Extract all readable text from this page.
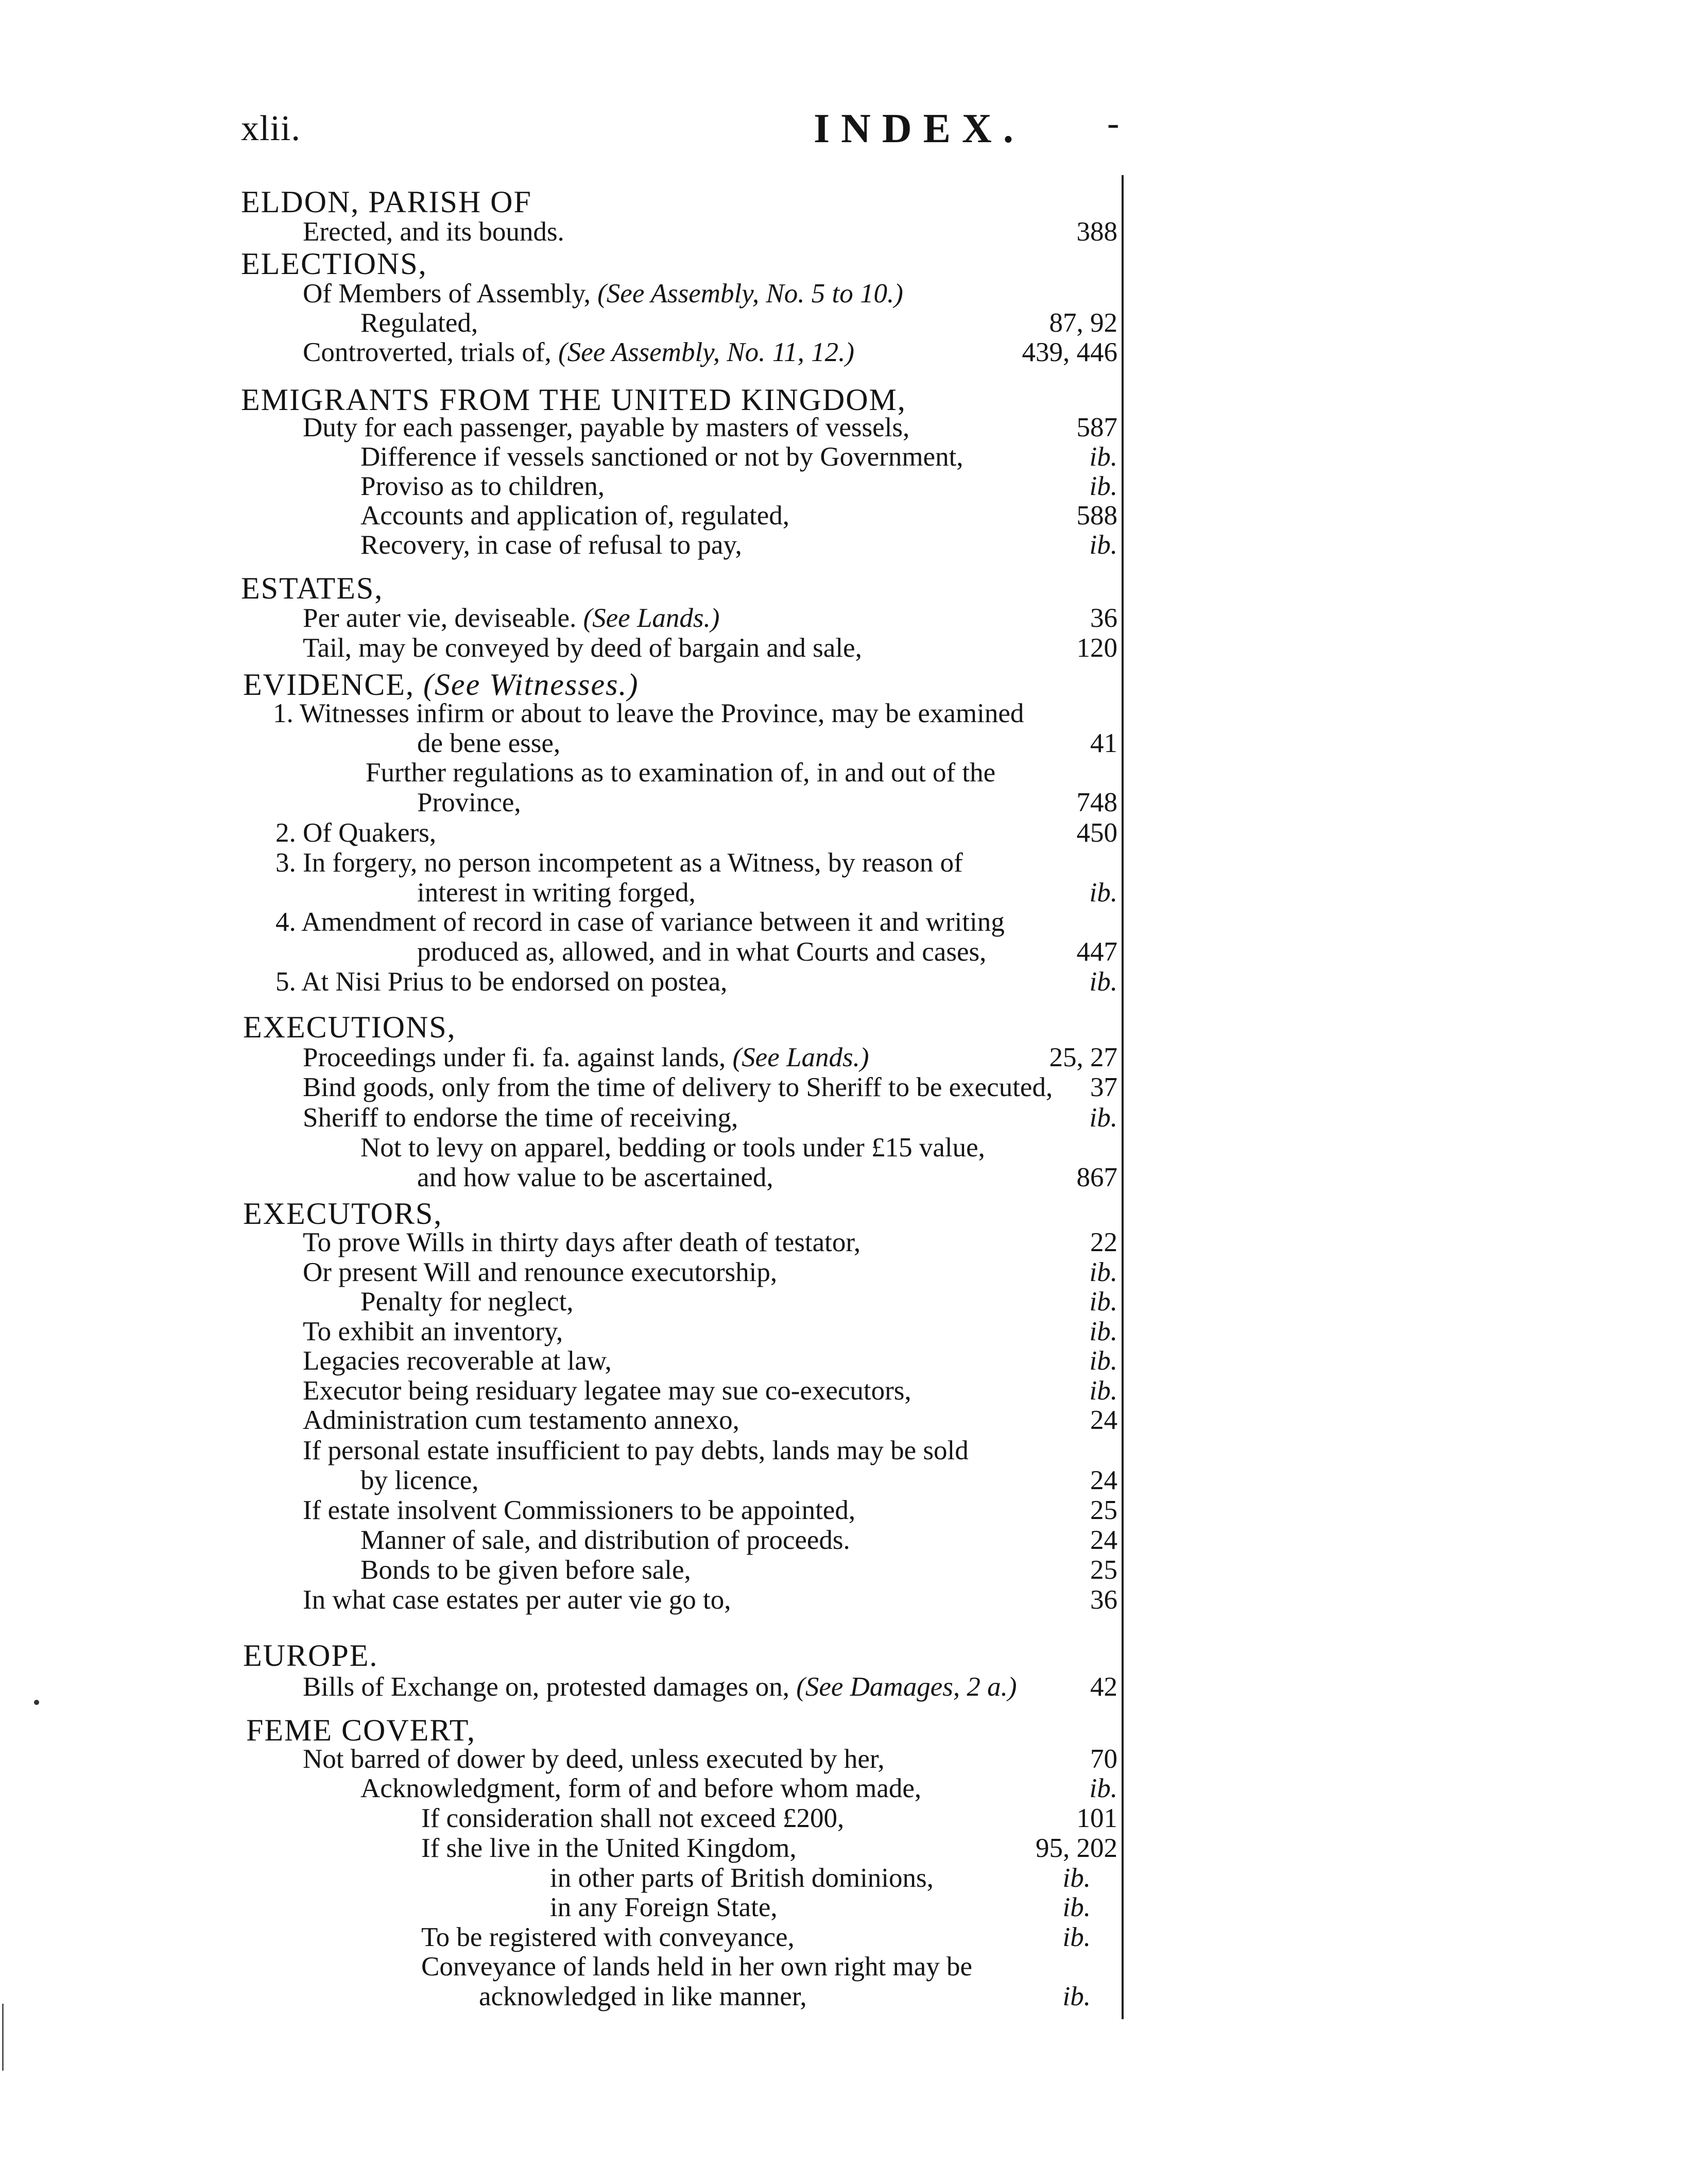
xlii.	INDEX. -
ELDON, PARISH OF
Erected, and its bounds.	388
ELECTIONS,
Of Members of Assembly, (See Assembly, No. 5 to 10.)
Regulated,	87, 92
Controverted, trials of, (See Assembly, No. 11, 12.)	439, 446
EMIGRANTS FROM THE UNITED KINGDOM,
Duty for each passenger, payable by masters of vessels,	587
Difference if vessels sanctioned or not by Government,	ib.
Proviso as to children,	ib.
Accounts and application of, regulated,	588
Recovery, in case of refusal to pay,	ib.
ESTATES,
Per auter vie, deviseable. (See Lands.)	36
Tail, may be conveyed by deed of bargain and sale,	120
EVIDENCE, (See Witnesses.)
1. Witnesses infirm or about to leave the Province, may be examined
de bene esse,	41
Further regulations as to examination of, in and out of the
Province,	748
2. Of Quakers,	450
3. In forgery, no person incompetent as a Witness, by reason of
interest in writing forged,	ib.
4. Amendment of record in case of variance between it and writing
produced as, allowed, and in what Courts and cases,	447
5. At Nisi Prius to be endorsed on postea,	ib.
EXECUTIONS,
Proceedings under fi. fa. against lands, (See Lands.)	25, 27
Bind goods, only from the time of delivery to Sheriff to be executed, 37
Sheriff to endorse the time of receiving,	ib.
Not to levy on apparel, bedding or tools under £15 value,
and how value to be ascertained,	867
EXECUTORS,
To prove Wills in thirty days after death of testator,	22
Or present Will and renounce executorship,	ib.
Penalty for neglect,	ib.
To exhibit an inventory,	ib.
Legacies recoverable at law,	ib.
Executor being residuary legatee may sue co-executors,	ib.
Administration cum testamento annexo,	24
If personal estate insufficient to pay debts, lands may be sold
by licence,	24
If estate insolvent Commissioners to be appointed,	25
Manner of sale, and distribution of proceeds.	24
Bonds to be given before sale,	25
In what case estates per auter vie go to,	36
EUROPE.
Bills of Exchange on, protested damages on, (See Damages, 2 a.)	42
FEME COVERT,
Not barred of dower by deed, unless executed by her,	70
Acknowledgment, form of and before whom made,	ib.
If consideration shall not exceed £200,	101
If she live in the United Kingdom,	95, 202
in other parts of British dominions,	ib.
in any Foreign State,	ib.
To be registered with conveyance,	ib.
Conveyance of lands held in her own right may be
acknowledged in like manner,	ib.
